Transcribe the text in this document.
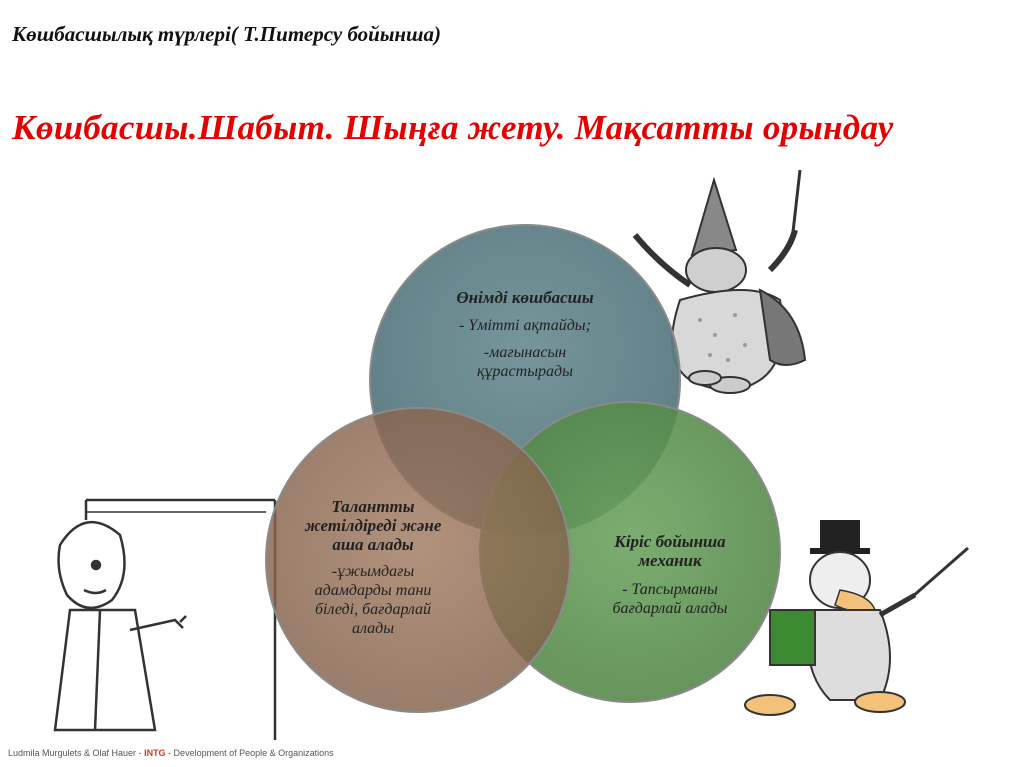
Көшбасшылық түрлері( Т.Питерсу бойынша)
Көшбасшы.Шабыт. Шыңға жету. Мақсатты орындау
Өнімді көшбасшы
- Үмітті ақтайды;
-мағынасын
құрастырады
Талантты
жетілдіреді және
аша алады
-ұжымдағы
адамдарды тани
біледі, бағдарлай
алады
Кіріс бойынша
механик
- Тапсырманы
бағдарлай алады
Ludmila Murgulets & Olaf Hauer - INTG - Development of People & Organizations
